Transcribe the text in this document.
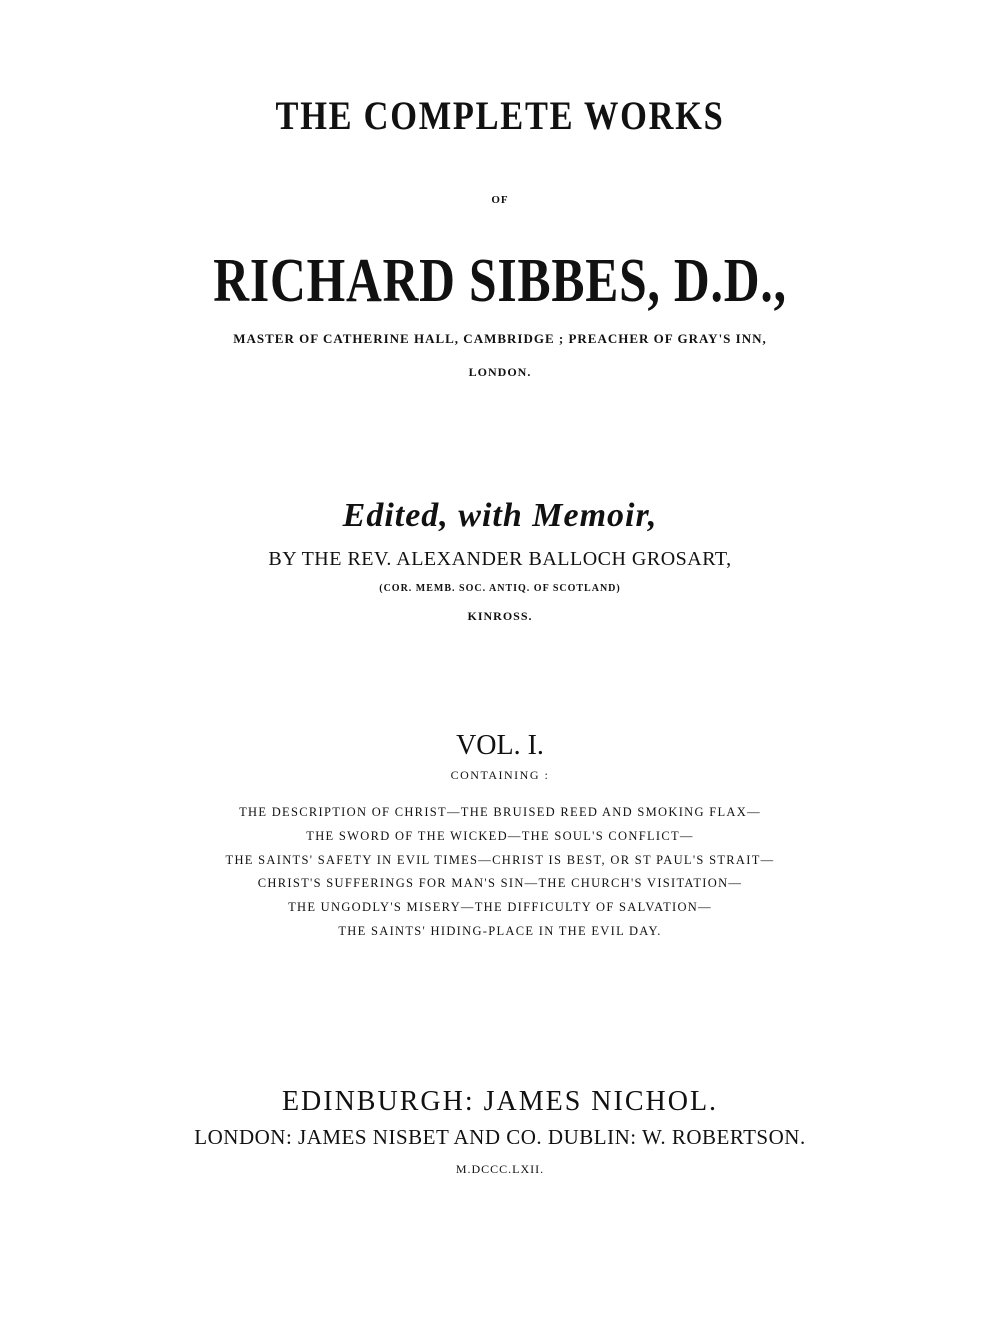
THE COMPLETE WORKS

OF

RICHARD SIBBES, D.D.,

MASTER OF CATHERINE HALL, CAMBRIDGE ; PREACHER OF GRAY'S INN,

LONDON.

Edited, with Memoir,

BY THE REV. ALEXANDER BALLOCH GROSART,

(COR. MEMB. SOC. ANTIQ. OF SCOTLAND)

KINROSS.

VOL. I.

CONTAINING :

THE DESCRIPTION OF CHRIST—THE BRUISED REED AND SMOKING FLAX—
THE SWORD OF THE WICKED—THE SOUL'S CONFLICT—
THE SAINTS' SAFETY IN EVIL TIMES—CHRIST IS BEST, OR ST PAUL'S STRAIT—
CHRIST'S SUFFERINGS FOR MAN'S SIN—THE CHURCH'S VISITATION—
THE UNGODLY'S MISERY—THE DIFFICULTY OF SALVATION—
THE SAINTS' HIDING-PLACE IN THE EVIL DAY.

EDINBURGH: JAMES NICHOL.

LONDON: JAMES NISBET AND CO. DUBLIN: W. ROBERTSON.

M.DCCC.LXII.
